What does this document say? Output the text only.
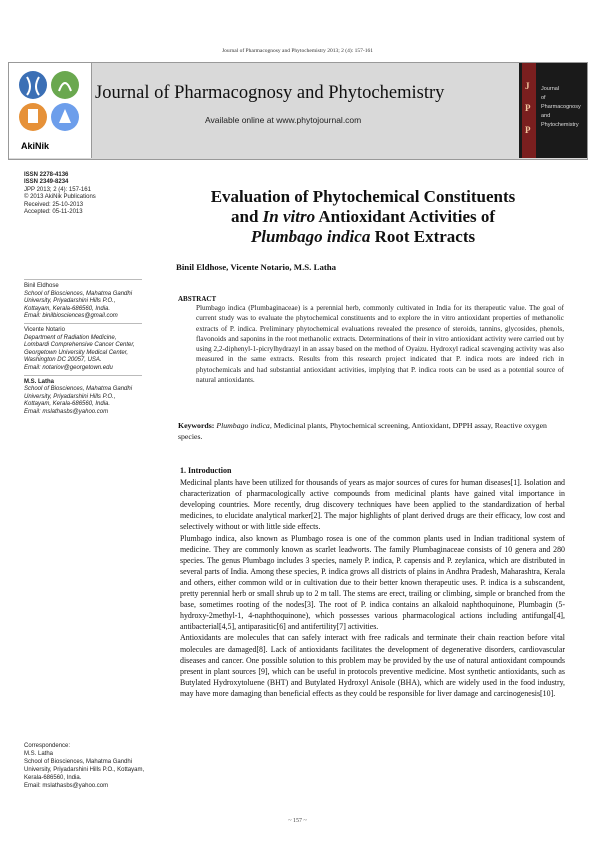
Journal of Pharmacognosy and Phytochemistry 2013; 2 (4): 157-161
AkiNik
Journal of Pharmacognosy and Phytochemistry
Available online at www.phytojournal.com
J
P
P
Journal
of
Pharmacognosy
and
Phytochemistry
ISSN 2278-4136
ISSN 2349-8234
JPP 2013; 2 (4): 157-161
© 2013 AkiNik Publications
Received: 25-10-2013
Accepted: 05-11-2013
Binil Eldhose
School of Biosciences, Mahatma Gandhi University, Priyadarshini Hills P.O., Kottayam, Kerala-686560, India.
Email: binilbiosciences@gmail.com
Vicente Notario
Department of Radiation Medicine, Lombardi Comprehensive Cancer Center, Georgetown University Medical Center, Washington DC 20057, USA.
Email: notariov@georgetown.edu
M.S. Latha
School of Biosciences, Mahatma Gandhi University, Priyadarshini Hills P.O., Kottayam, Kerala-686560, India.
Email: mslathasbs@yahoo.com
Evaluation of Phytochemical Constituents
and In vitro Antioxidant Activities of
Plumbago indica Root Extracts
Binil Eldhose, Vicente Notario, M.S. Latha
ABSTRACT
Plumbago indica (Plumbaginaceae) is a perennial herb, commonly cultivated in India for its therapeutic value. The goal of current study was to evaluate the phytochemical constituents and to explore the in vitro antioxidant properties of methanolic extracts of P. indica. Preliminary phytochemical evaluations revealed the presence of steroids, tannins, glycosides, phenols, flavonoids and saponins in the root methanolic extracts. Determinations of their in vitro antioxidant activity were carried out by using 2,2-diphenyl-1-picrylhydrazyl in an assay based on the method of Oyaizu. Hydroxyl radical scavenging activity was also measured in the same extracts. Results from this research project indicated that P. indica roots are indeed rich in phytochemicals and had substantial antioxidant activities, implying that P. indica roots can be used as a potential source of natural antioxidants.
Keywords: Plumbago indica, Medicinal plants, Phytochemical screening, Antioxidant, DPPH assay, Reactive oxygen species.
1. Introduction

Medicinal plants have been utilized for thousands of years as major sources of cures for human diseases[1]. Isolation and characterization of pharmacologically active compounds from medicinal plants have gained vital importance in developing countries. More recently, drug discovery techniques have been applied to the standardization of herbal medicines, to elucidate analytical marker[2]. The major highlights of plant derived drugs are their efficacy, low cost and selectively without or with little side effects.

Plumbago indica, also known as Plumbago rosea is one of the common plants used in Indian traditional system of medicine. They are commonly known as scarlet leadworts. The family Plumbaginaceae consists of 10 genera and 280 species. The genus Plumbago includes 3 species, namely P. indica, P. capensis and P. zeylanica, which are distributed in several parts of India. Among these species, P. indica grows all districts of plains in Andhra Pradesh, Maharashtra, Kerala and others, either common wild or in cultivation due to their better known therapeutic uses. P. indica is a subscandent, pretty perennial herb or small shrub up to 2 m tall. The stems are erect, trailing or climbing, simple or branched from the base, sometimes rooting of the nodes[3]. The root of P. indica contains an alkaloid naphthoquinone, Plumbagin (5-hydroxy-2methyl-1, 4-naphthoquinone), which possesses various pharmacological actions including antifungal[4], antibacterial[4,5], antiparasitic[6] and antifertility[7] activities.

Antioxidants are molecules that can safely interact with free radicals and terminate their chain reaction before vital molecules are damaged[8]. Lack of antioxidants facilitates the development of degenerative disorders, cardiovascular diseases and cancer. One possible solution to this problem may be provided by the use of natural antioxidant compounds present in plant sources [9], which can be useful in protocols preventive medicine. Most synthetic antioxidants, such as Butylated Hydroxytoluene (BHT) and Butylated Hydroxyl Anisole (BHA), which are widely used in the food industry, may have more damaging than beneficial effects as they could be responsible for liver damage and carcinogenesis[10].

Correspondence:
M.S. Latha
School of Biosciences, Mahatma Gandhi University, Priyadarshini Hills P.O., Kottayam, Kerala-686560, India.
Email: mslathasbs@yahoo.com
~ 157 ~
